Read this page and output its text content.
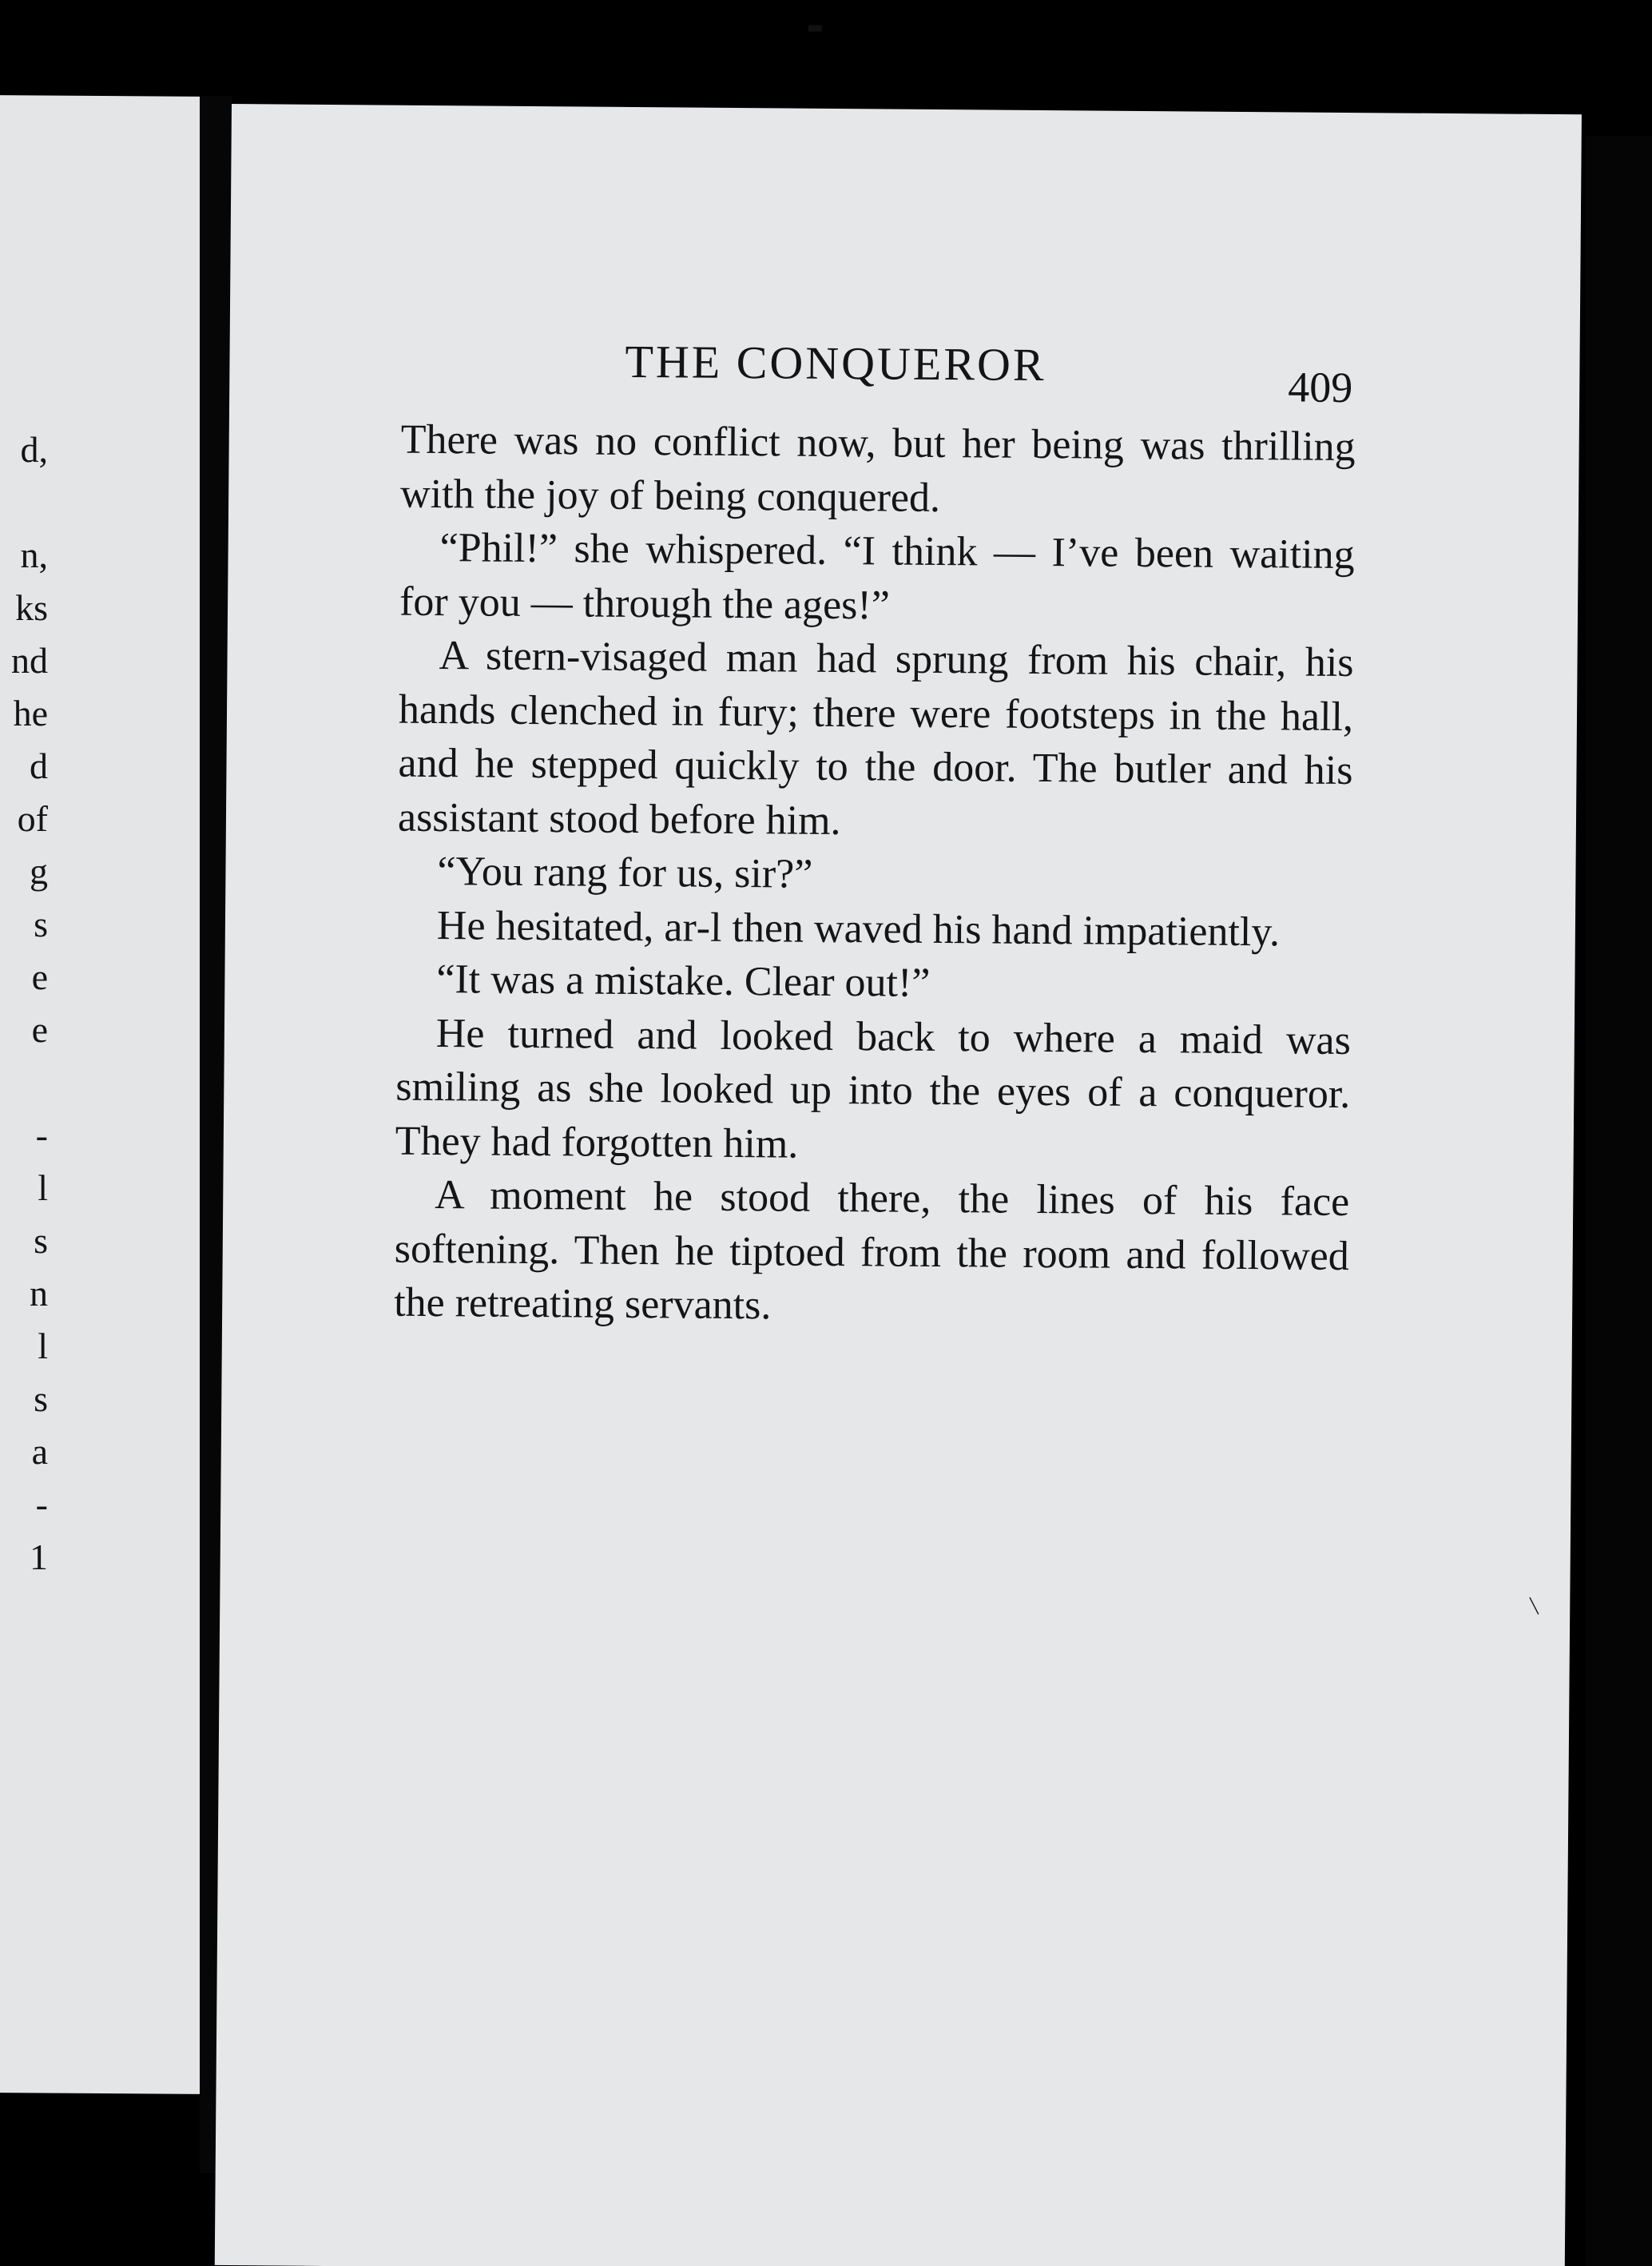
d,
n,
ks
nd
he
d
of
g
s
e
e
-
l
s
n
l
s
a
-
1
THE CONQUEROR	409

There was no conflict now, but her being was thrilling with the joy of being conquered.

“Phil!” she whispered. “I think — I’ve been waiting for you — through the ages!”

A stern-visaged man had sprung from his chair, his hands clenched in fury; there were footsteps in the hall, and he stepped quickly to the door. The butler and his assistant stood before him.

“You rang for us, sir?”

He hesitated, ar‑l then waved his hand impatiently.

“It was a mistake. Clear out!”

He turned and looked back to where a maid was smiling as she looked up into the eyes of a conqueror. They had forgotten him.

A moment he stood there, the lines of his face softening. Then he tiptoed from the room and followed the retreating servants.

▬
╲
